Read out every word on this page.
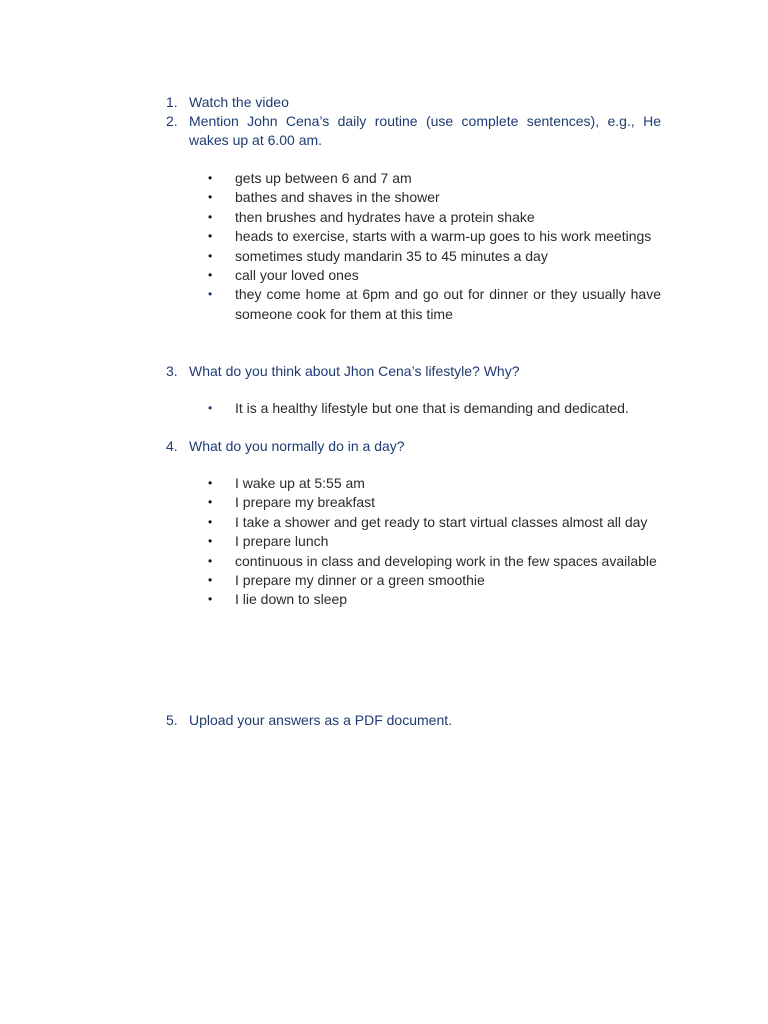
1. Watch the video
2. Mention John Cena’s daily routine (use complete sentences), e.g., He wakes up at 6.00 am.
•	gets up between 6 and 7 am
•	bathes and shaves in the shower
•	then brushes and hydrates have a protein shake
•	heads to exercise, starts with a warm-up goes to his work meetings
•	sometimes study mandarin 35 to 45 minutes a day
•	call your loved ones
•	they come home at 6pm and go out for dinner or they usually have someone cook for them at this time
3. What do you think about Jhon Cena’s lifestyle? Why?
•	It is a healthy lifestyle but one that is demanding and dedicated.
4. What do you normally do in a day?
•	I wake up at 5:55 am
•	I prepare my breakfast
•	I take a shower and get ready to start virtual classes almost all day
•	I prepare lunch
•	continuous in class and developing work in the few spaces available
•	I prepare my dinner or a green smoothie
•	I lie down to sleep
5. Upload your answers as a PDF document.
